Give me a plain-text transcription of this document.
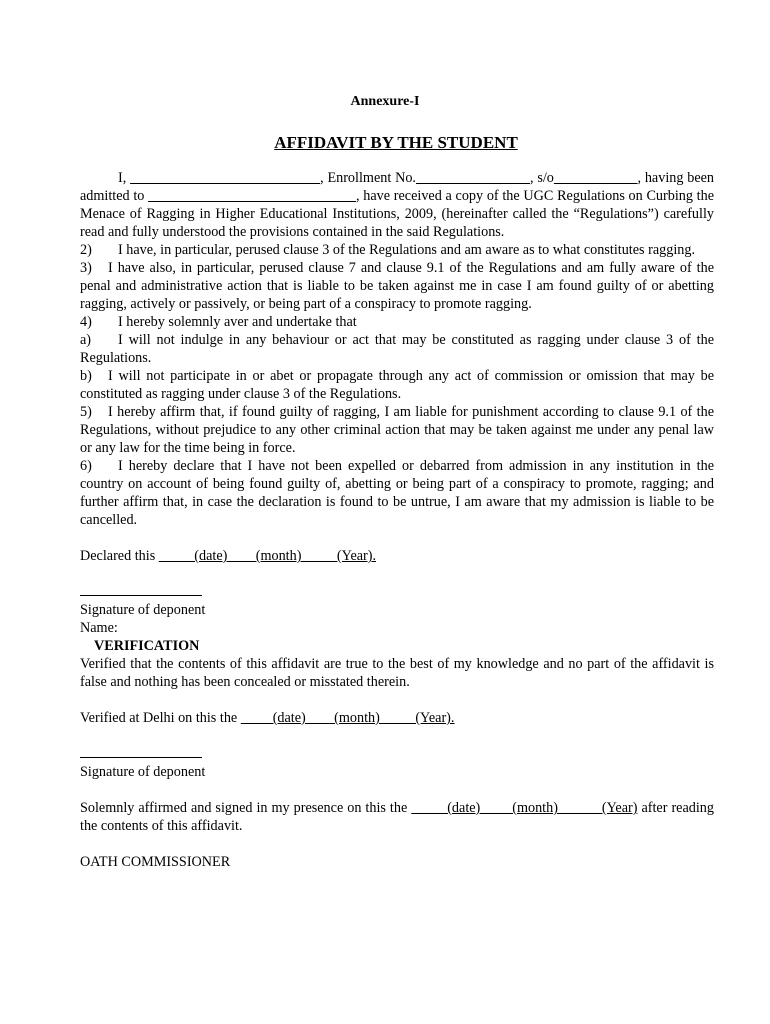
Annexure-I
AFFIDAVIT BY THE STUDENT

I,	, Enrollment No.	, s/o	, having been admitted to	, have received a copy of the UGC Regulations on Curbing the Menace of Ragging in Higher Educational Institutions, 2009, (hereinafter called the “Regulations”) carefully read and fully understood the provisions contained in the said Regulations.

2) I have, in particular, perused clause 3 of the Regulations and am aware as to what constitutes ragging.

3) I have also, in particular, perused clause 7 and clause 9.1 of the Regulations and am fully aware of the penal and administrative action that is liable to be taken against me in case I am found guilty of or abetting ragging, actively or passively, or being part of a conspiracy to promote ragging.

4) I hereby solemnly aver and undertake that

a) I will not indulge in any behaviour or act that may be constituted as ragging under clause 3 of the Regulations.

b) I will not participate in or abet or propagate through any act of commission or omission that may be constituted as ragging under clause 3 of the Regulations.

5) I hereby affirm that, if found guilty of ragging, I am liable for punishment according to clause 9.1 of the Regulations, without prejudice to any other criminal action that may be taken against me under any penal law or any law for the time being in force.

6) I hereby declare that I have not been expelled or debarred from admission in any institution in the country on account of being found guilty of, abetting or being part of a conspiracy to promote, ragging; and further affirm that, in case the declaration is found to be untrue, I am aware that my admission is liable to be cancelled.

Declared this           (date)        (month)          (Year).

Signature of deponent

Name:

VERIFICATION

Verified that the contents of this affidavit are true to the best of my knowledge and no part of the affidavit is false and nothing has been concealed or misstated therein.

Verified at Delhi on this the          (date)        (month)          (Year).

Signature of deponent

Solemnly affirmed and signed in my presence on this the          (date)        (month)           (Year) after reading the contents of this affidavit.

OATH COMMISSIONER
